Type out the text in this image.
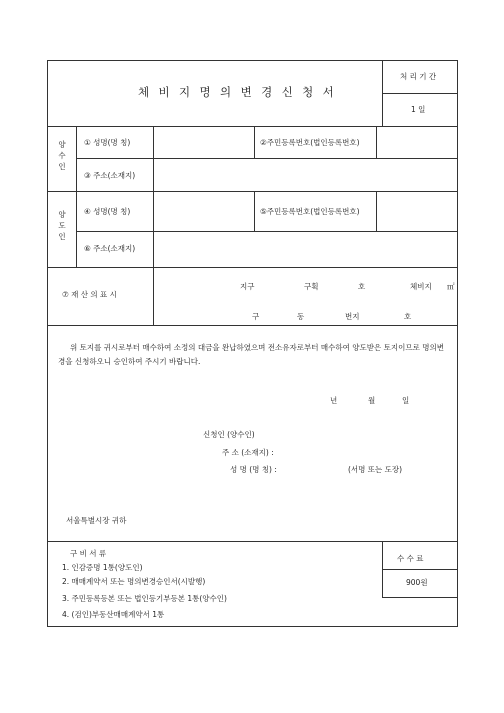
체 비 지 명 의 변 경 신 청 서
처 리 기 간
1 일
양수인
① 성명(명 칭)	②주민등록번호(법인등록번호)
③ 주소(소재지)
양도인
④ 성명(명 칭)	⑤주민등록번호(법인등록번호)
⑥ 주소(소재지)
⑦ 재 산 의 표 시
지구	구획	호	체비지 ㎡
구	동	번지	호
위 토지를 귀시로부터 매수하여 소정의 대금을 완납하였으며 전소유자로부터 매수하여 양도받은 토지이므로 명의변경을 신청하오니 승인하여 주시기 바랍니다.
년	월	일
신청인 (양수인)
주 소 (소재지) :
성 명 (명 칭) :	(서명 또는 도장)
서울특별시장 귀하
구 비 서 류
1. 인감증명 1통(양도인)
2. 매매계약서 또는 명의변경승인서(시발행)
3. 주민등록등본 또는 법인등기부등본 1통(양수인)
4. (검인)부동산매매계약서 1통
수 수 료
900원
